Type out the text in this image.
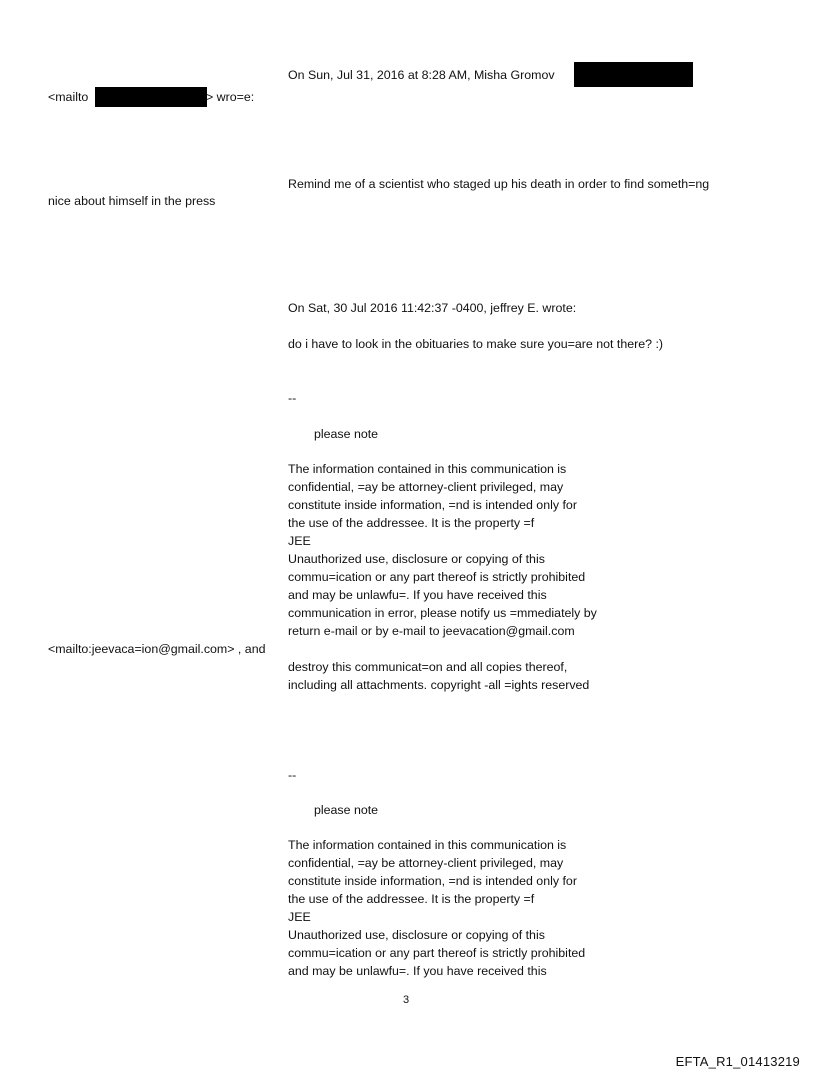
On Sun, Jul 31, 2016 at 8:28 AM, Misha Gromov
<mailto	> wro=e:
Remind me of a scientist who staged up his death in order to find someth=ng
nice about himself in the press
On Sat, 30 Jul 2016 11:42:37 -0400, jeffrey E. wrote:
do i have to look in the obituaries to make sure you=are not there? :)
--
please note
The information contained in this communication is
confidential, =ay be attorney-client privileged, may
constitute inside information, =nd is intended only for
the use of the addressee. It is the property =f
JEE
Unauthorized use, disclosure or copying of this
commu=ication or any part thereof is strictly prohibited
and may be unlawfu=. If you have received this
communication in error, please notify us =mmediately by
return e-mail or by e-mail to jeevacation@gmail.com
<mailto:jeevaca=ion@gmail.com> , and
destroy this communicat=on and all copies thereof,
including all attachments. copyright -all =ights reserved
--
please note
The information contained in this communication is
confidential, =ay be attorney-client privileged, may
constitute inside information, =nd is intended only for
the use of the addressee. It is the property =f
JEE
Unauthorized use, disclosure or copying of this
commu=ication or any part thereof is strictly prohibited
and may be unlawfu=. If you have received this
3
EFTA_R1_01413219
